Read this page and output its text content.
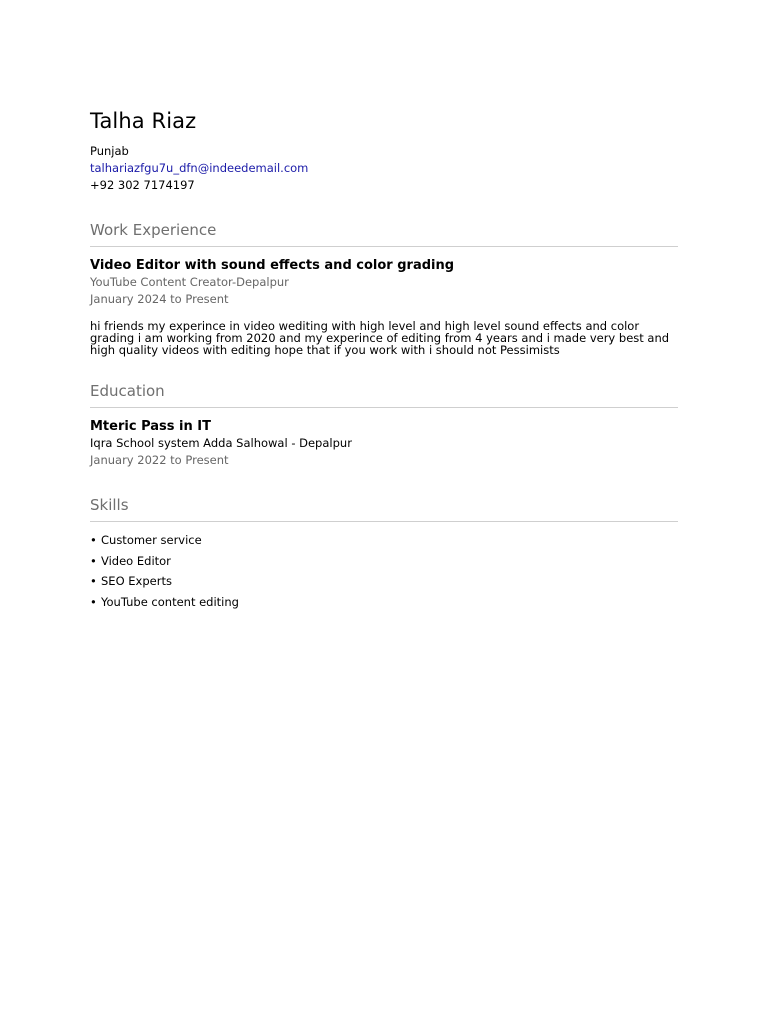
Talha Riaz

Punjab

talhariazfgu7u_dfn@indeedemail.com

+92 302 7174197

Work Experience

Video Editor with sound effects and color grading

YouTube Content Creator-Depalpur

January 2024 to Present

hi friends my experince in video wediting with high level and high level sound effects and color grading i am working from 2020 and my experince of editing from 4 years and i made very best and high quality videos with editing hope that if you work with i should not Pessimists

Education

Mteric Pass in IT

Iqra School system Adda Salhowal - Depalpur

January 2022 to Present

Skills
• Customer service
• Video Editor
• SEO Experts
• YouTube content editing
